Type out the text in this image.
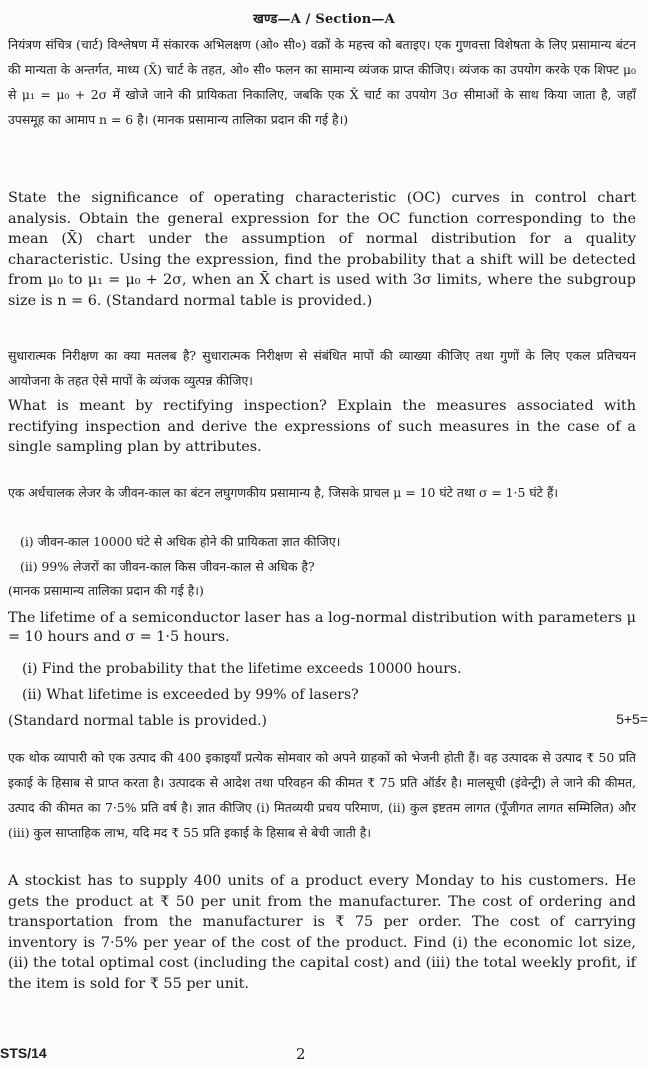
खण्ड—A / Section—A
नियंत्रण संचित्र (चार्ट) विश्लेषण में संकारक अभिलक्षण (ओ० सी०) वक्रों के महत्त्व को बताइए। एक गुणवत्ता विशेषता के लिए प्रसामान्य बंटन की मान्यता के अन्तर्गत, माध्य (X̄) चार्ट के तहत, ओ० सी० फलन का सामान्य व्यंजक प्राप्त कीजिए। व्यंजक का उपयोग करके एक शिफ्ट μ₀ से μ₁ = μ₀ + 2σ में खोजे जाने की प्रायिकता निकालिए, जबकि एक X̄ चार्ट का उपयोग 3σ सीमाओं के साथ किया जाता है, जहाँ उपसमूह का आमाप n = 6 है। (मानक प्रसामान्य तालिका प्रदान की गई है।)
State the significance of operating characteristic (OC) curves in control chart analysis. Obtain the general expression for the OC function corresponding to the mean (X̄) chart under the assumption of normal distribution for a quality characteristic. Using the expression, find the probability that a shift will be detected from μ₀ to μ₁ = μ₀ + 2σ, when an X̄ chart is used with 3σ limits, where the subgroup size is n = 6. (Standard normal table is provided.)
सुधारात्मक निरीक्षण का क्या मतलब है? सुधारात्मक निरीक्षण से संबंधित मापों की व्याख्या कीजिए तथा गुणों के लिए एकल प्रतिचयन आयोजना के तहत ऐसे मापों के व्यंजक व्युत्पन्न कीजिए।
What is meant by rectifying inspection? Explain the measures associated with rectifying inspection and derive the expressions of such measures in the case of a single sampling plan by attributes.
एक अर्धचालक लेजर के जीवन-काल का बंटन लघुगणकीय प्रसामान्य है, जिसके प्राचल μ = 10 घंटे तथा σ = 1·5 घंटे हैं।
(i) जीवन-काल 10000 घंटे से अधिक होने की प्रायिकता ज्ञात कीजिए।
(ii) 99% लेजरों का जीवन-काल किस जीवन-काल से अधिक है?
(मानक प्रसामान्य तालिका प्रदान की गई है।)
The lifetime of a semiconductor laser has a log-normal distribution with parameters μ = 10 hours and σ = 1·5 hours.
(i) Find the probability that the lifetime exceeds 10000 hours.
(ii) What lifetime is exceeded by 99% of lasers?
(Standard normal table is provided.)	5+5=
एक थोक व्यापारी को एक उत्पाद की 400 इकाइयाँ प्रत्येक सोमवार को अपने ग्राहकों को भेजनी होती हैं। वह उत्पादक से उत्पाद ₹ 50 प्रति इकाई के हिसाब से प्राप्त करता है। उत्पादक से आदेश तथा परिवहन की कीमत ₹ 75 प्रति ऑर्डर है। मालसूची (इंवेन्ट्री) ले जाने की कीमत, उत्पाद की कीमत का 7·5% प्रति वर्ष है। ज्ञात कीजिए (i) मितव्ययी प्रचय परिमाण, (ii) कुल इष्टतम लागत (पूँजीगत लागत सम्मिलित) और (iii) कुल साप्ताहिक लाभ, यदि मद ₹ 55 प्रति इकाई के हिसाब से बेची जाती है।
A stockist has to supply 400 units of a product every Monday to his customers. He gets the product at ₹ 50 per unit from the manufacturer. The cost of ordering and transportation from the manufacturer is ₹ 75 per order. The cost of carrying inventory is 7·5% per year of the cost of the product. Find (i) the economic lot size, (ii) the total optimal cost (including the capital cost) and (iii) the total weekly profit, if the item is sold for ₹ 55 per unit.
STS/14	2
